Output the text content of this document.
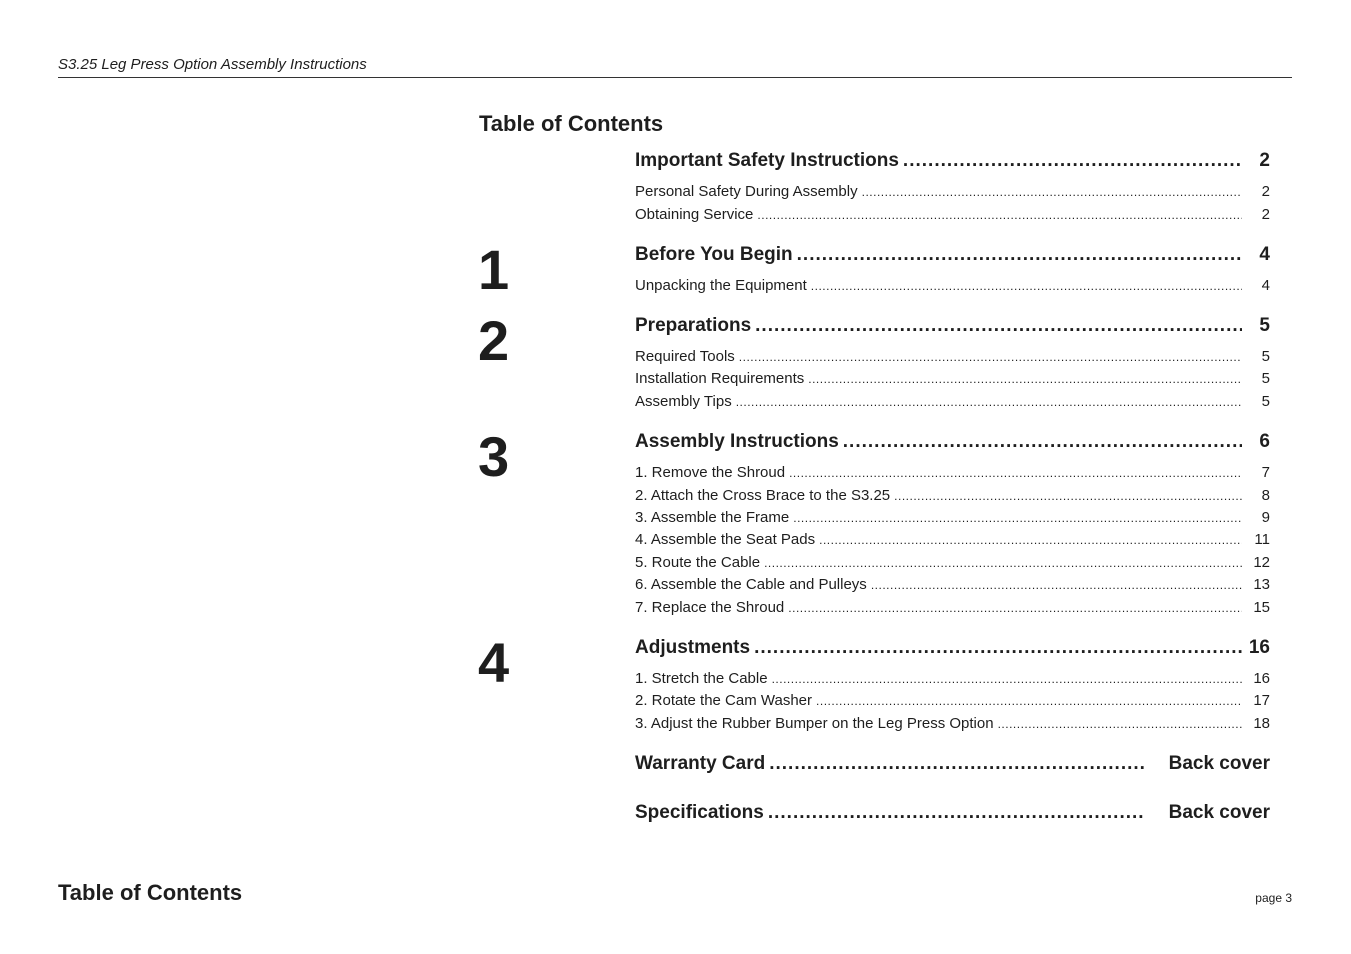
S3.25 Leg Press Option Assembly Instructions
Table of Contents
1
2
3
4
Important Safety Instructions .....	2
Personal Safety During Assembly .....	2
Obtaining Service .....	2
Before You Begin .....	4
Unpacking the Equipment .....	4
Preparations .....	5
Required Tools .....	5
Installation Requirements .....	5
Assembly Tips .....	5
Assembly Instructions .....	6
1. Remove the Shroud .....	7
2. Attach the Cross Brace to the S3.25 .....	8
3. Assemble the Frame .....	9
4. Assemble the Seat Pads .....	11
5. Route the Cable .....	12
6. Assemble the Cable and Pulleys .....	13
7. Replace the Shroud .....	15
Adjustments .....	16
1. Stretch the Cable .....	16
2. Rotate the Cam Washer .....	17
3. Adjust the Rubber Bumper on the Leg Press Option .....	18
Warranty Card .....	Back cover
Specifications .....	Back cover
Table of Contents	page 3
